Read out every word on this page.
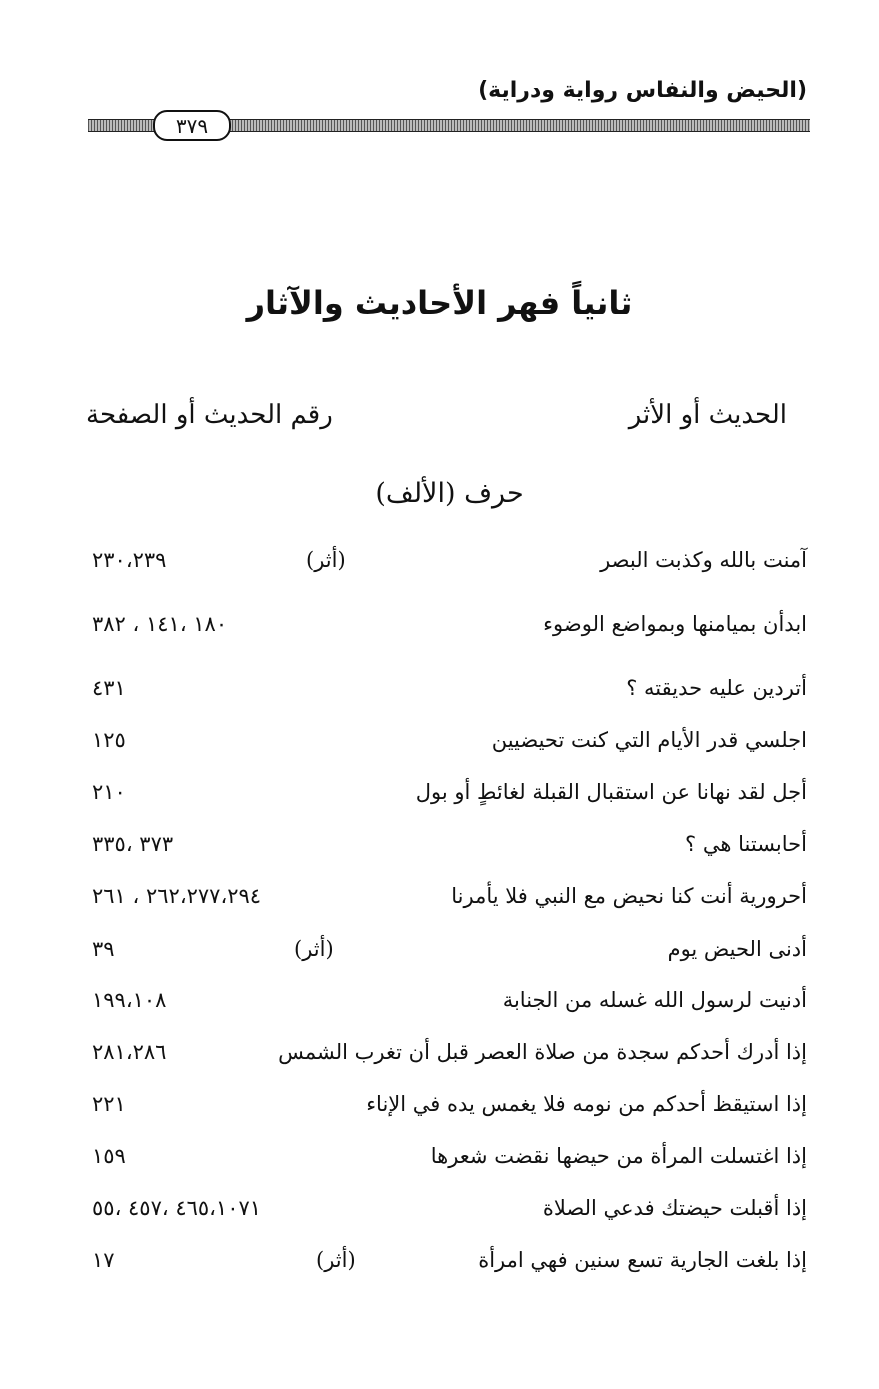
(الحيض والنفاس رواية ودراية)
٣٧٩
ثانياً فهر الأحاديث والآثار
الحديث أو الأثر
رقم الحديث أو الصفحة
حرف (الألف)
آمنت بالله وكذبت البصر
(أثر)
٢٣٠،٢٣٩
ابدأن بميامنها وبمواضع الوضوء
١٨٠ ،١٤١ ، ٣٨٢
أتردين عليه حديقته ؟
٤٣١
اجلسي قدر الأيام التي كنت تحيضيين
١٢٥
أجل لقد نهانا عن استقبال القبلة لغائطٍ أو بول
٢١٠
أحابستنا هي ؟
٣٧٣ ،٣٣٥
أحرورية أنت كنا نحيض مع النبي فلا يأمرنا
٢٦٢،٢٧٧،٢٩٤ ، ٢٦١
أدنى الحيض يوم
(أثر)
٣٩
أدنيت لرسول الله غسله من الجنابة
١٩٩،١٠٨
إذا أدرك أحدكم سجدة من صلاة العصر قبل أن تغرب الشمس
٢٨١،٢٨٦
إذا استيقظ أحدكم من نومه فلا يغمس يده في الإناء
٢٢١
إذا اغتسلت المرأة من حيضها نقضت شعرها
١٥٩
إذا أقبلت حيضتك فدعي الصلاة
٤٦٥،١٠٧١ ،٤٥٧ ،٥٥
إذا بلغت الجارية تسع سنين فهي امرأة
(أثر)
١٧
